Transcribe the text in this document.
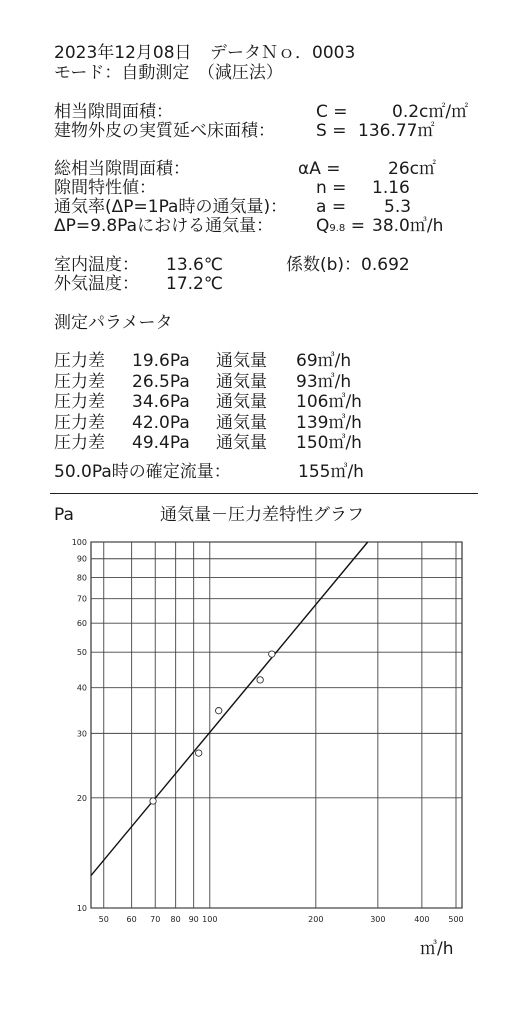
2023年12月08日 データＮｏ．0003
モード：自動測定　（減圧法）
相当隙間面積：	C =	0.2c㎡/㎡
建物外皮の実質延べ床面積： S = 136.77㎡
総相当隙間面積：	αA =	26c㎡
隙間特性値：	n = 1.16
通気率(ΔP=1Pa時の通気量)： a = 5.3
ΔP=9.8Paにおける通気量：	Q9.8 = 38.0㎥/h
室内温度： 13.6℃	係数(b)：0.692
外気温度： 17.2℃
測定パラメータ
圧力差 19.6Pa 通気量 69㎥/h
圧力差 26.5Pa 通気量 93㎥/h
圧力差 34.6Pa 通気量 106㎥/h
圧力差 42.0Pa 通気量 139㎥/h
圧力差 49.4Pa 通気量 150㎥/h
50.0Pa時の確定流量：	155㎥/h
Pa	通気量－圧力差特性グラフ
㎥/h
50 60 70 80 90 100	200	300	400 500
10
20
30
40
50
60
70
80
90
100
